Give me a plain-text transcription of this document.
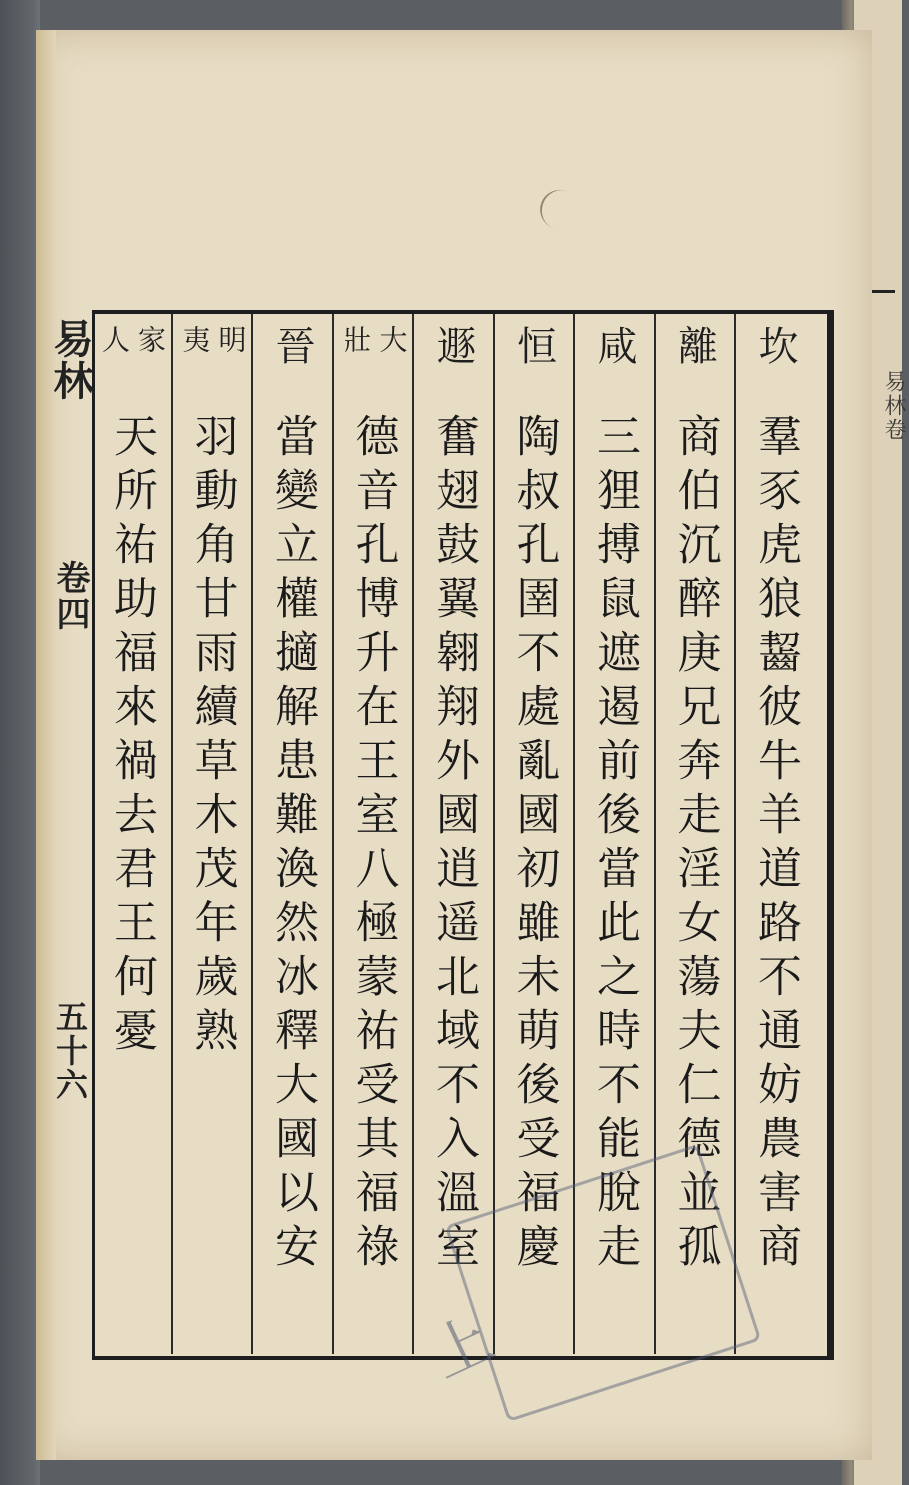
易林卷
易林
卷四
五十六
坎
羣豕虎狼齧彼牛羊道路不通妨農害商
離
商伯沉醉庚兄奔走淫女蕩夫仁德並孤
咸
三狸搏鼠遮遏前後當此之時不能脫走
恒
陶叔孔圉不處亂國初雖未萌後受福慶
遯
奮翅鼓翼翱翔外國逍遥北域不入溫室
大
壯
德音孔博升在王室八極蒙祐受其福祿
晉
當變立權擿解患難渙然冰釋大國以安
明
夷
羽動角甘雨續草木茂年歲熟
家
人
天所祐助福來禍去君王何憂
上
